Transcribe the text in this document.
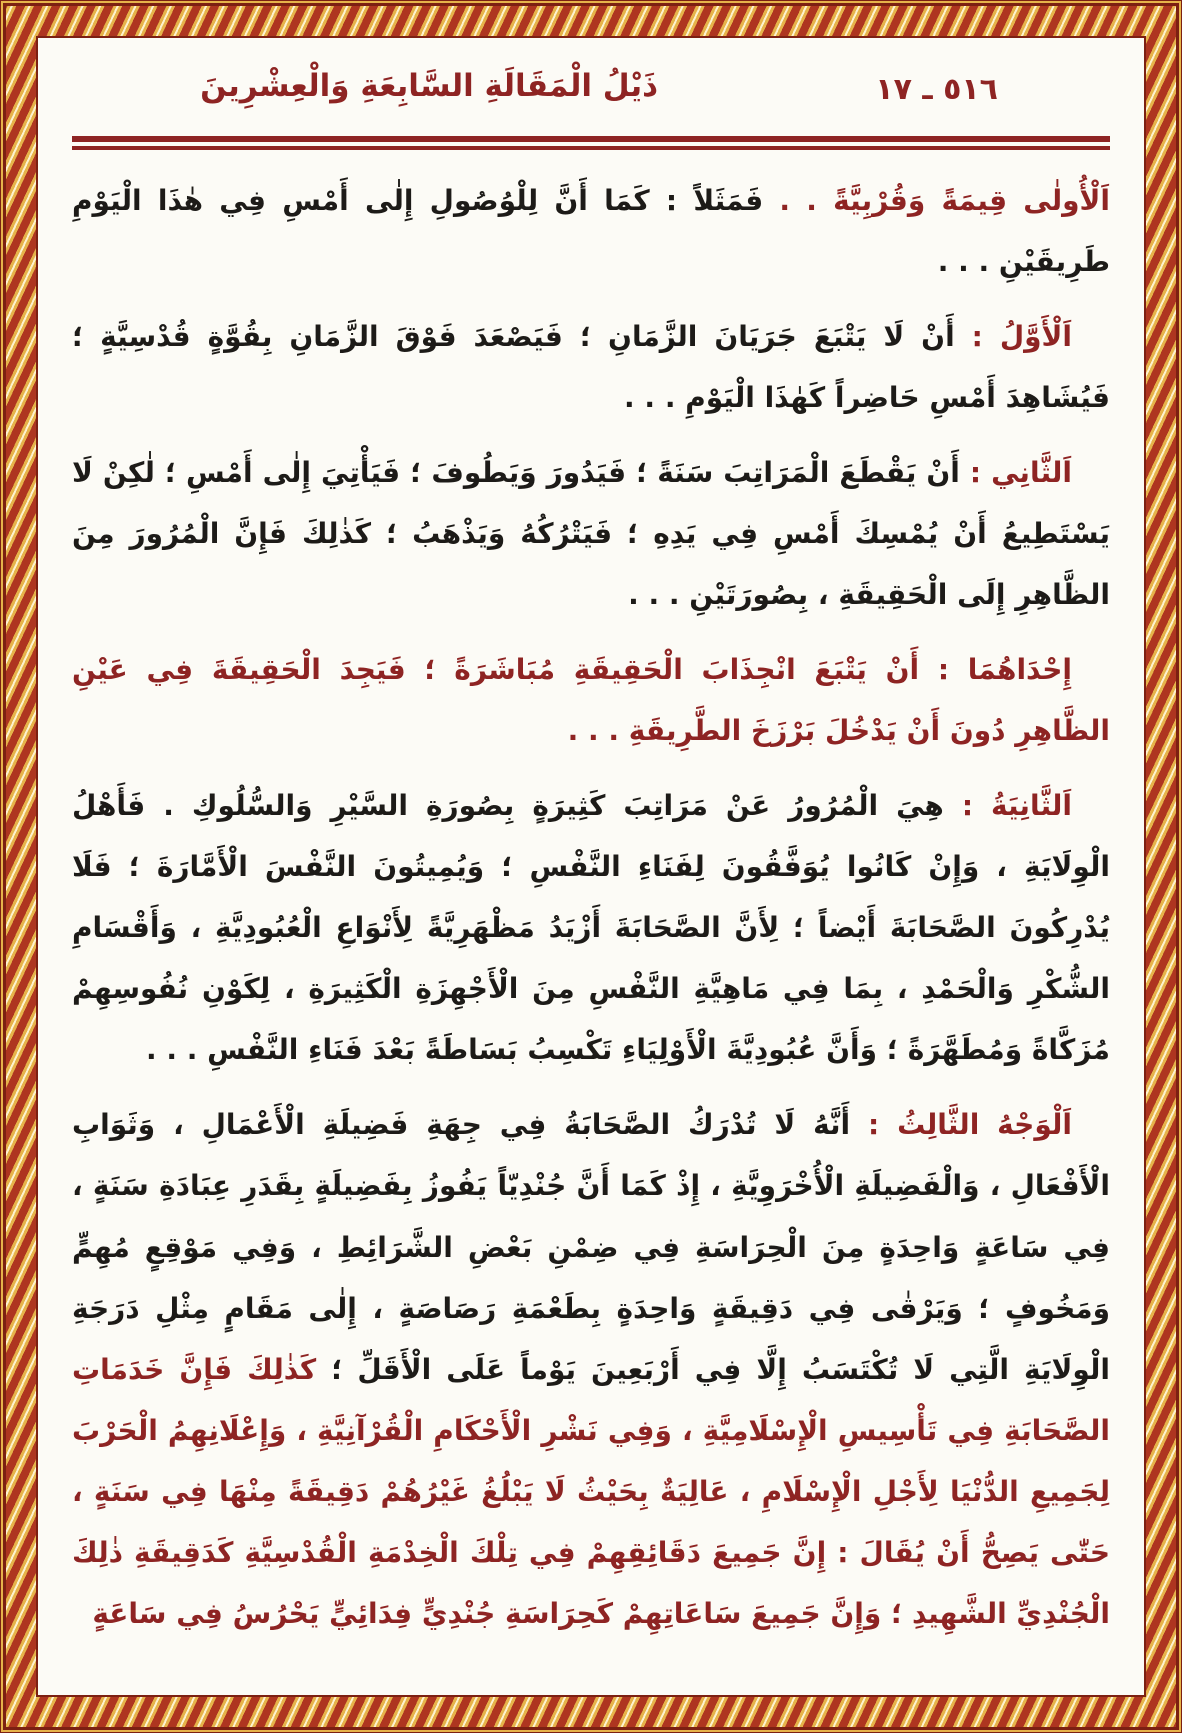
٥١٦ ـ ١٧
ذَيْلُ الْمَقَالَةِ السَّابِعَةِ وَالْعِشْرِينَ

اَلْأُولٰى قِيمَةً وَقُرْبِيَّةً . . فَمَثَلاً : كَمَا أَنَّ لِلْوُصُولِ إِلٰى أَمْسِ فِي هٰذَا الْيَوْمِ طَرِيقَيْنِ . . .

اَلْأَوَّلُ : أَنْ لَا يَتْبَعَ جَرَيَانَ الزَّمَانِ ؛ فَيَصْعَدَ فَوْقَ الزَّمَانِ بِقُوَّةٍ قُدْسِيَّةٍ ؛ فَيُشَاهِدَ أَمْسِ حَاضِراً كَهٰذَا الْيَوْمِ . . .

اَلثَّانِي : أَنْ يَقْطَعَ الْمَرَاتِبَ سَنَةً ؛ فَيَدُورَ وَيَطُوفَ ؛ فَيَأْتِيَ إِلٰى أَمْسِ ؛ لٰكِنْ لَا يَسْتَطِيعُ أَنْ يُمْسِكَ أَمْسِ فِي يَدِهِ ؛ فَيَتْرُكُهُ وَيَذْهَبُ ؛ كَذٰلِكَ فَإِنَّ الْمُرُورَ مِنَ الظَّاهِرِ إِلَى الْحَقِيقَةِ ، بِصُورَتَيْنِ . . .

إِحْدَاهُمَا : أَنْ يَتْبَعَ انْجِذَابَ الْحَقِيقَةِ مُبَاشَرَةً ؛ فَيَجِدَ الْحَقِيقَةَ فِي عَيْنِ الظَّاهِرِ دُونَ أَنْ يَدْخُلَ بَرْزَخَ الطَّرِيقَةِ . . .

اَلثَّانِيَةُ : هِيَ الْمُرُورُ عَنْ مَرَاتِبَ كَثِيرَةٍ بِصُورَةِ السَّيْرِ وَالسُّلُوكِ . فَأَهْلُ الْوِلَايَةِ ، وَإِنْ كَانُوا يُوَفَّقُونَ لِفَنَاءِ النَّفْسِ ؛ وَيُمِيتُونَ النَّفْسَ الْأَمَّارَةَ ؛ فَلَا يُدْرِكُونَ الصَّحَابَةَ أَيْضاً ؛ لِأَنَّ الصَّحَابَةَ أَزْيَدُ مَظْهَرِيَّةً لِأَنْوَاعِ الْعُبُودِيَّةِ ، وَأَقْسَامِ الشُّكْرِ وَالْحَمْدِ ، بِمَا فِي مَاهِيَّةِ النَّفْسِ مِنَ الْأَجْهِزَةِ الْكَثِيرَةِ ، لِكَوْنِ نُفُوسِهِمْ مُزَكَّاةً وَمُطَهَّرَةً ؛ وَأَنَّ عُبُودِيَّةَ الْأَوْلِيَاءِ تَكْسِبُ بَسَاطَةً بَعْدَ فَنَاءِ النَّفْسِ . . .

اَلْوَجْهُ الثَّالِثُ : أَنَّهُ لَا تُدْرَكُ الصَّحَابَةُ فِي جِهَةِ فَضِيلَةِ الْأَعْمَالِ ، وَثَوَابِ الْأَفْعَالِ ، وَالْفَضِيلَةِ الْأُخْرَوِيَّةِ ، إِذْ كَمَا أَنَّ جُنْدِيّاً يَفُوزُ بِفَضِيلَةٍ بِقَدَرِ عِبَادَةِ سَنَةٍ ، فِي سَاعَةٍ وَاحِدَةٍ مِنَ الْحِرَاسَةِ فِي ضِمْنِ بَعْضِ الشَّرَائِطِ ، وَفِي مَوْقِعٍ مُهِمٍّ وَمَخُوفٍ ؛ وَيَرْقٰى فِي دَقِيقَةٍ وَاحِدَةٍ بِطَعْمَةِ رَصَاصَةٍ ، إِلٰى مَقَامٍ مِثْلِ دَرَجَةِ الْوِلَايَةِ الَّتِي لَا تُكْتَسَبُ إِلَّا فِي أَرْبَعِينَ يَوْماً عَلَى الْأَقَلِّ ؛ كَذٰلِكَ فَإِنَّ خَدَمَاتِ الصَّحَابَةِ فِي تَأْسِيسِ الْإِسْلَامِيَّةِ ، وَفِي نَشْرِ الْأَحْكَامِ الْقُرْآنِيَّةِ ، وَإِعْلَانِهِمُ الْحَرْبَ لِجَمِيعِ الدُّنْيَا لِأَجْلِ الْإِسْلَامِ ، عَالِيَةٌ بِحَيْثُ لَا يَبْلُغُ غَيْرُهُمْ دَقِيقَةً مِنْهَا فِي سَنَةٍ ، حَتّٰى يَصِحُّ أَنْ يُقَالَ : إِنَّ جَمِيعَ دَقَائِقِهِمْ فِي تِلْكَ الْخِدْمَةِ الْقُدْسِيَّةِ كَدَقِيقَةِ ذٰلِكَ الْجُنْدِيِّ الشَّهِيدِ ؛ وَإِنَّ جَمِيعَ سَاعَاتِهِمْ كَحِرَاسَةِ جُنْدِيٍّ فِدَائِيٍّ يَحْرُسُ فِي سَاعَةٍ
